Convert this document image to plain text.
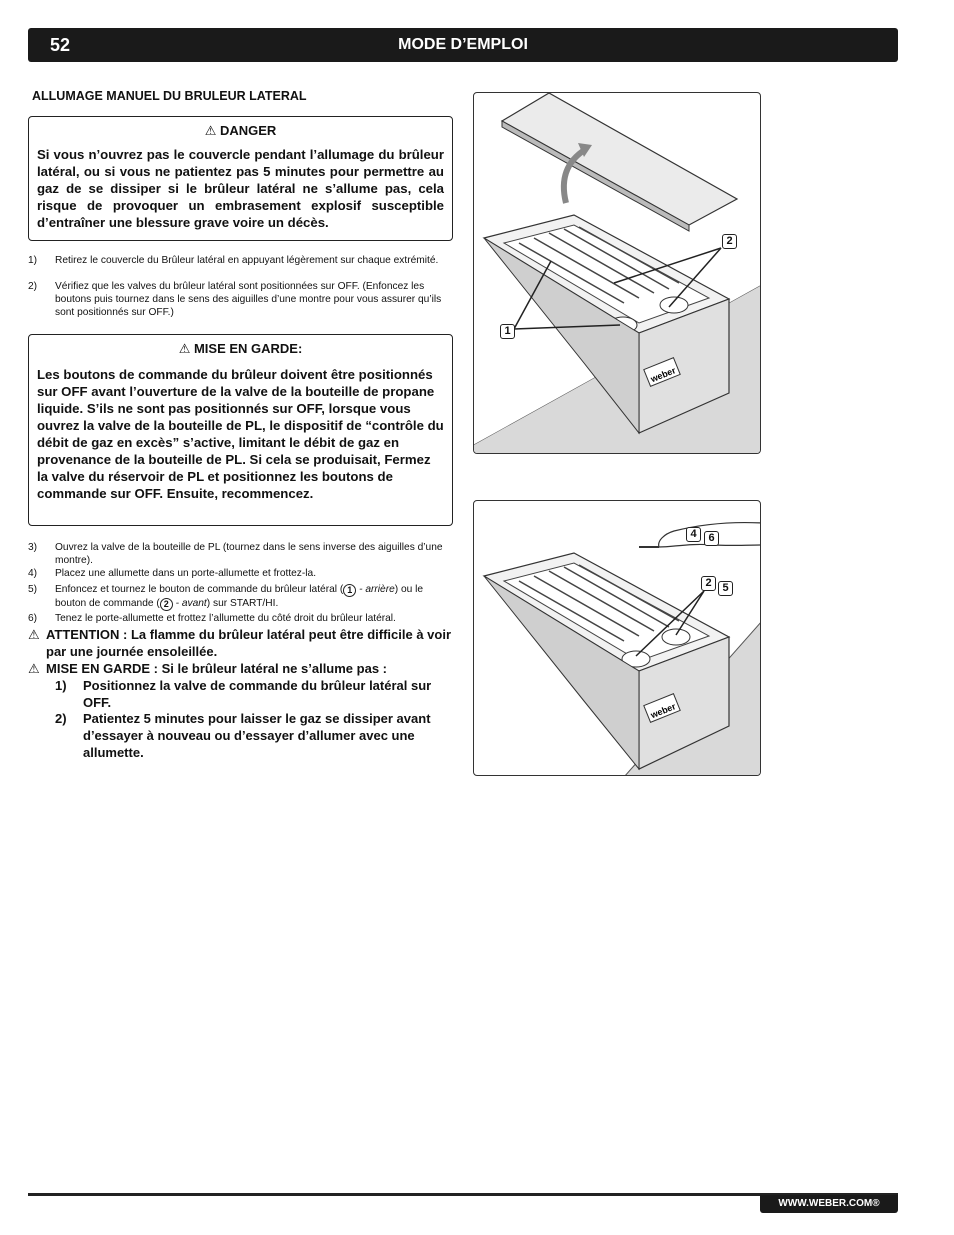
52	MODE D’EMPLOI
ALLUMAGE MANUEL DU BRULEUR LATERAL
⚠ DANGER
Si vous n’ouvrez pas le couvercle pendant l’allumage du brûleur latéral, ou si vous ne patientez pas 5 minutes pour permettre au gaz de se dissiper si le brûleur latéral ne s’allume pas, cela risque de provoquer un embrasement explosif susceptible d’entraîner une blessure grave voire un décès.
1) Retirez le couvercle du Brûleur latéral en appuyant légèrement sur chaque extrémité.
2) Vérifiez que les valves du brûleur latéral sont positionnées sur OFF. (Enfoncez les boutons puis tournez dans le sens des aiguilles d’une montre pour vous assurer qu’ils sont positionnés sur OFF.)
⚠ MISE EN GARDE:
Les boutons de commande du brûleur doivent être positionnés sur OFF avant l’ouverture de la valve de la bouteille de propane liquide. S’ils ne sont pas positionnés sur OFF, lorsque vous ouvrez la valve de la bouteille de PL, le dispositif de “contrôle du débit de gaz en excès” s’active, limitant le débit de gaz en provenance de la bouteille de PL. Si cela se produisait, Fermez la valve du réservoir de PL et positionnez les boutons de commande sur OFF. Ensuite, recommencez.
3) Ouvrez la valve de la bouteille de PL (tournez dans le sens inverse des aiguilles d’une montre).
4) Placez une allumette dans un porte-allumette et frottez-la.
5) Enfoncez et tournez le bouton de commande du brûleur latéral ( 1 - arrière) ou le bouton de commande ( 2 - avant) sur START/HI.
6) Tenez le porte-allumette et frottez l’allumette du côté droit du brûleur latéral.
⚠ ATTENTION : La flamme du brûleur latéral peut être difficile à voir par une journée ensoleillée.
⚠ MISE EN GARDE : Si le brûleur latéral ne s’allume pas :
1) Positionnez la valve de commande du brûleur latéral sur OFF.
2) Patientez 5 minutes pour laisser le gaz se dissiper avant d’essayer à nouveau ou d’essayer d’allumer avec une allumette.
weber
1
2
weber
4	6
2 5
WWW.WEBER.COM®
